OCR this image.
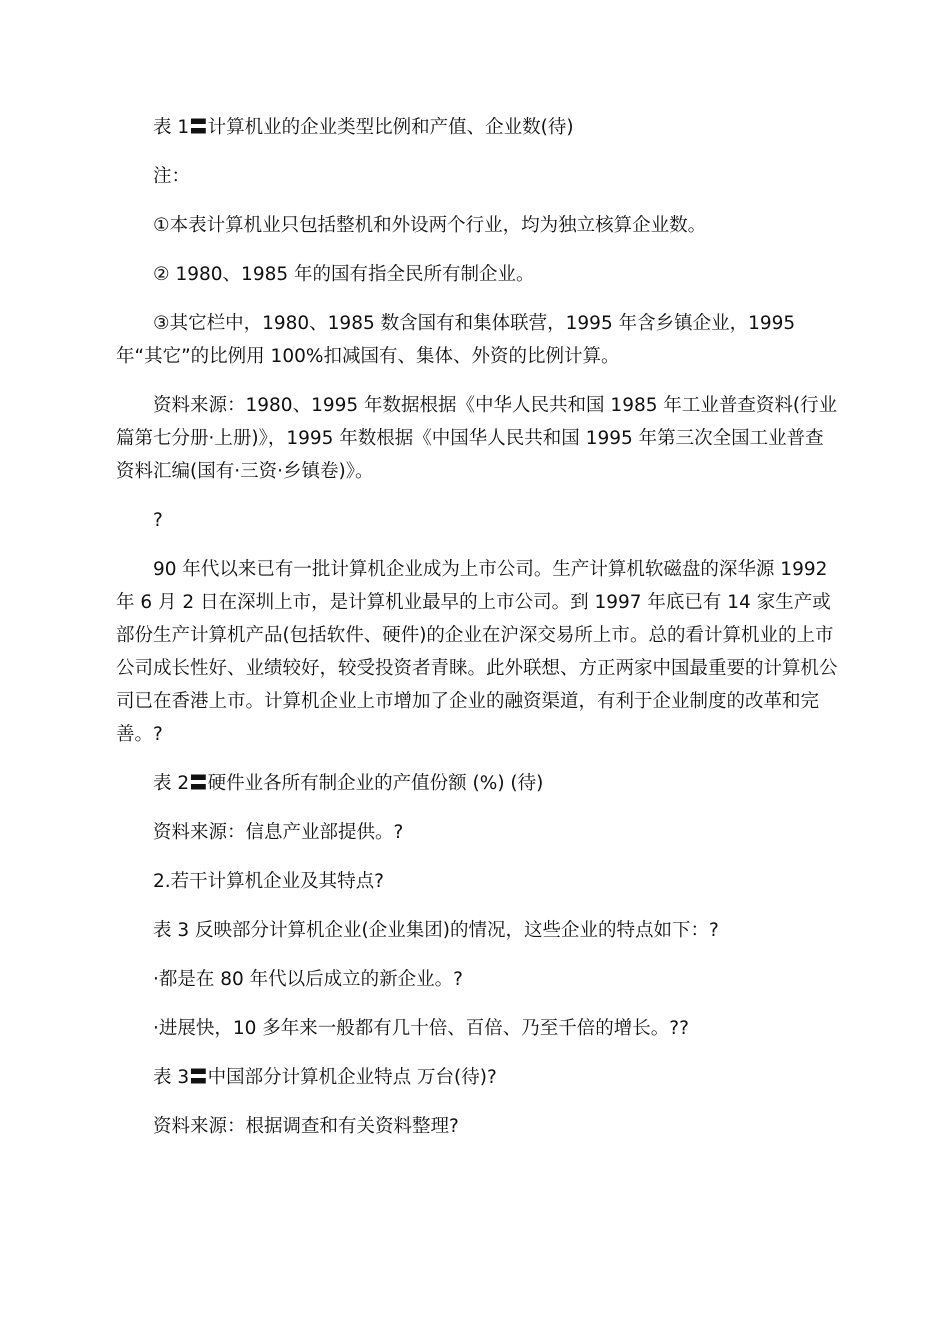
表 1〓计算机业的企业类型比例和产值、企业数(待)

注：

①本表计算机业只包括整机和外设两个行业，均为独立核算企业数。

② 1980、1985 年的国有指全民所有制企业。

③其它栏中，1980、1985 数含国有和集体联营，1995 年含乡镇企业，1995 年“其它”的比例用 100%扣减国有、集体、外资的比例计算。

资料来源：1980、1995 年数据根据《中华人民共和国 1985 年工业普查资料(行业篇第七分册·上册)》，1995 年数根据《中国华人民共和国 1995 年第三次全国工业普查资料汇编(国有·三资·乡镇卷)》。

?

90 年代以来已有一批计算机企业成为上市公司。生产计算机软磁盘的深华源 1992 年 6 月 2 日在深圳上市，是计算机业最早的上市公司。到 1997 年底已有 14 家生产或部份生产计算机产品(包括软件、硬件)的企业在沪深交易所上市。总的看计算机业的上市公司成长性好、业绩较好，较受投资者青睐。此外联想、方正两家中国最重要的计算机公司已在香港上市。计算机企业上市增加了企业的融资渠道，有利于企业制度的改革和完善。?

表 2〓硬件业各所有制企业的产值份额 (%) (待)

资料来源：信息产业部提供。?

2.若干计算机企业及其特点?

表 3 反映部分计算机企业(企业集团)的情况，这些企业的特点如下：?

·都是在 80 年代以后成立的新企业。?

·进展快，10 多年来一般都有几十倍、百倍、乃至千倍的增长。??

表 3〓中国部分计算机企业特点 万台(待)?

资料来源：根据调查和有关资料整理?
